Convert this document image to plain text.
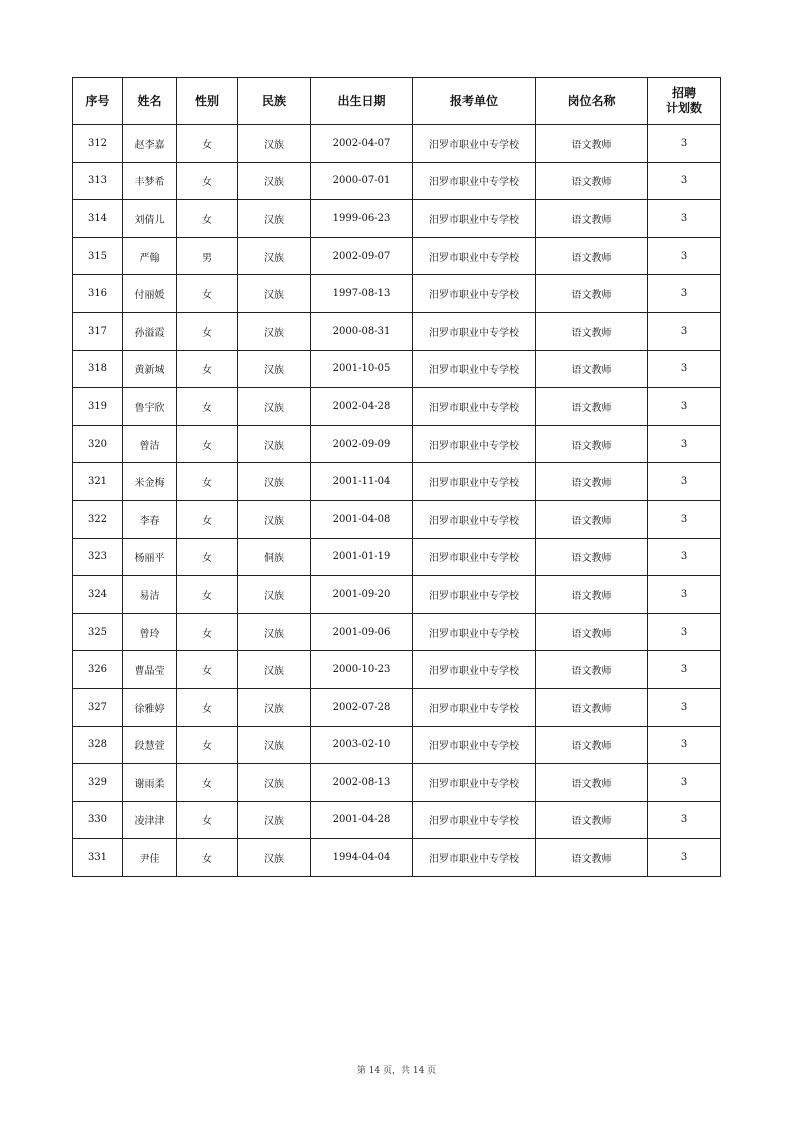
序号	姓名	性别	民族	出生日期	报考单位	岗位名称	招聘
计划数

312	赵李嘉	女	汉族	2002-04-07	汨罗市职业中专学校	语文教师	3
313	丰梦希	女	汉族	2000-07-01	汨罗市职业中专学校	语文教师	3
314	刘倩儿	女	汉族	1999-06-23	汨罗市职业中专学校	语文教师	3
315	严翰	男	汉族	2002-09-07	汨罗市职业中专学校	语文教师	3
316	付丽媛	女	汉族	1997-08-13	汨罗市职业中专学校	语文教师	3
317	孙溢霞	女	汉族	2000-08-31	汨罗市职业中专学校	语文教师	3
318	黄新城	女	汉族	2001-10-05	汨罗市职业中专学校	语文教师	3
319	鲁宇欣	女	汉族	2002-04-28	汨罗市职业中专学校	语文教师	3
320	曾洁	女	汉族	2002-09-09	汨罗市职业中专学校	语文教师	3
321	米金梅	女	汉族	2001-11-04	汨罗市职业中专学校	语文教师	3
322	李春	女	汉族	2001-04-08	汨罗市职业中专学校	语文教师	3
323	杨丽平	女	侗族	2001-01-19	汨罗市职业中专学校	语文教师	3
324	易洁	女	汉族	2001-09-20	汨罗市职业中专学校	语文教师	3
325	曾玲	女	汉族	2001-09-06	汨罗市职业中专学校	语文教师	3
326	曹晶莹	女	汉族	2000-10-23	汨罗市职业中专学校	语文教师	3
327	徐雅婷	女	汉族	2002-07-28	汨罗市职业中专学校	语文教师	3
328	段慧萱	女	汉族	2003-02-10	汨罗市职业中专学校	语文教师	3
329	谢雨柔	女	汉族	2002-08-13	汨罗市职业中专学校	语文教师	3
330	凌津津	女	汉族	2001-04-28	汨罗市职业中专学校	语文教师	3
331	尹佳	女	汉族	1994-04-04	汨罗市职业中专学校	语文教师	3
第 14 页，共 14 页
